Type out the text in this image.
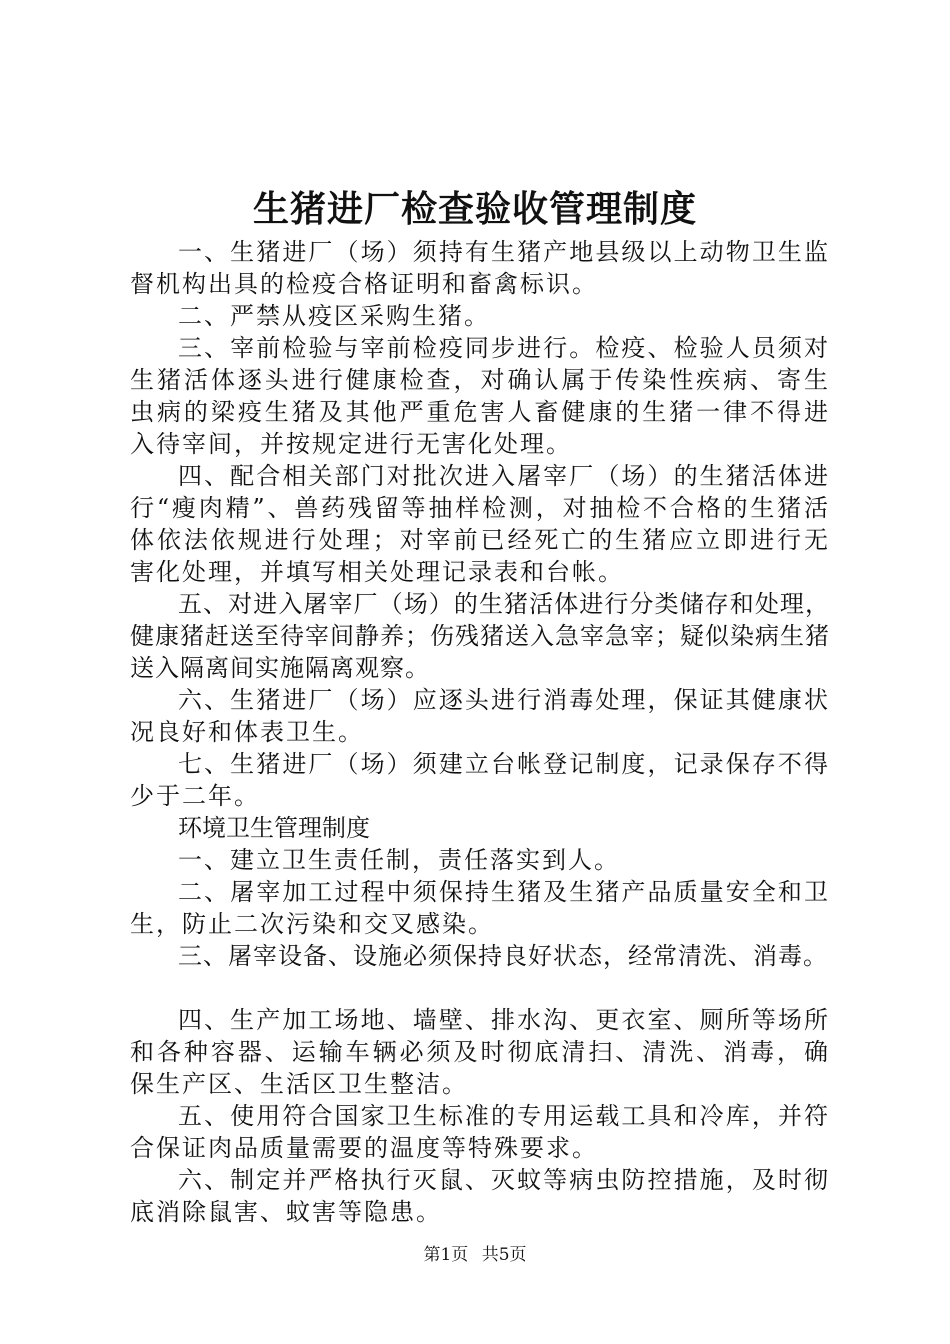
生猪进厂检查验收管理制度

一、生猪进厂（场）须持有生猪产地县级以上动物卫生监督机构出具的检疫合格证明和畜禽标识。

二、严禁从疫区采购生猪。

三、宰前检验与宰前检疫同步进行。检疫、检验人员须对生猪活体逐头进行健康检查，对确认属于传染性疾病、寄生虫病的梁疫生猪及其他严重危害人畜健康的生猪一律不得进入待宰间，并按规定进行无害化处理。

四、配合相关部门对批次进入屠宰厂（场）的生猪活体进行“瘦肉精”、兽药残留等抽样检测，对抽检不合格的生猪活体依法依规进行处理；对宰前已经死亡的生猪应立即进行无害化处理，并填写相关处理记录表和台帐。

五、对进入屠宰厂（场）的生猪活体进行分类储存和处理，健康猪赶送至待宰间静养；伤残猪送入急宰急宰；疑似染病生猪送入隔离间实施隔离观察。

六、生猪进厂（场）应逐头进行消毒处理，保证其健康状况良好和体表卫生。

七、生猪进厂（场）须建立台帐登记制度，记录保存不得少于二年。

环境卫生管理制度

一、建立卫生责任制，责任落实到人。

二、屠宰加工过程中须保持生猪及生猪产品质量安全和卫生，防止二次污染和交叉感染。

三、屠宰设备、设施必须保持良好状态，经常清洗、消毒。

四、生产加工场地、墙壁、排水沟、更衣室、厕所等场所和各种容器、运输车辆必须及时彻底清扫、清洗、消毒，确保生产区、生活区卫生整洁。

五、使用符合国家卫生标准的专用运载工具和冷库，并符合保证肉品质量需要的温度等特殊要求。

六、制定并严格执行灭鼠、灭蚊等病虫防控措施，及时彻底消除鼠害、蚊害等隐患。

第1页 共5页
